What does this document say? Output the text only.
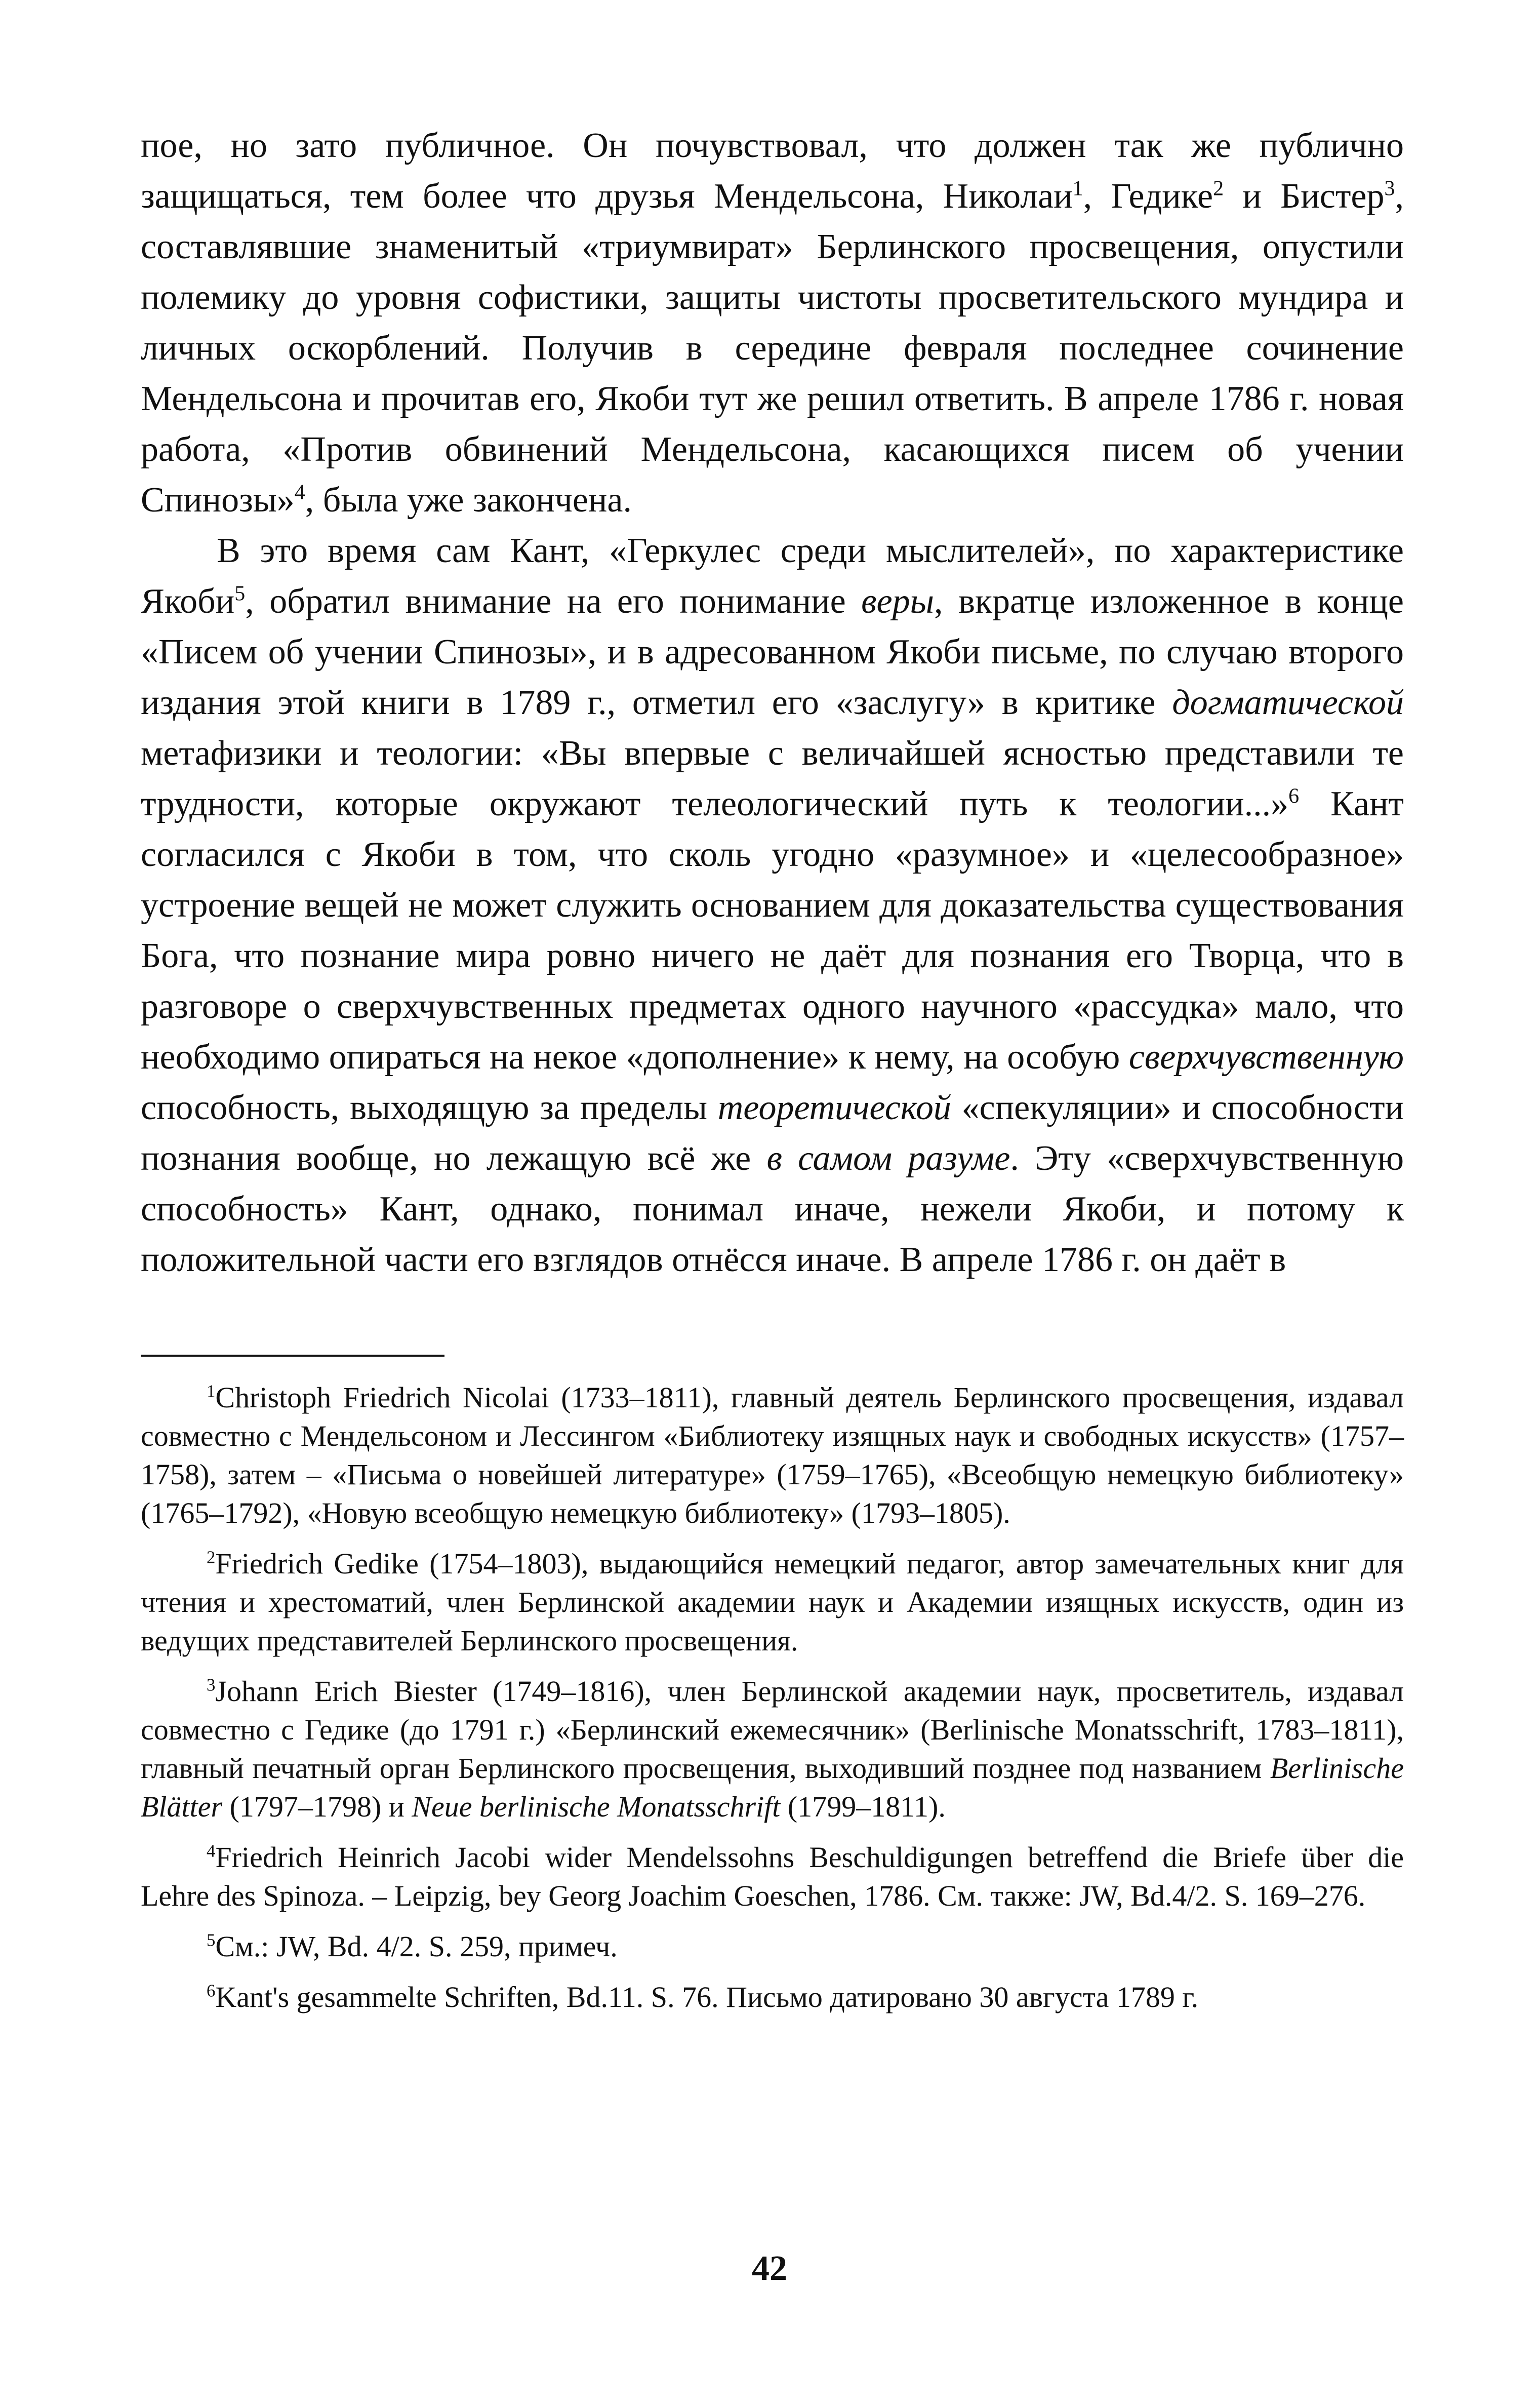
пое, но зато публичное. Он почувствовал, что должен так же публично защищаться, тем более что друзья Мендельсона, Николаи$^1$, Гедике$^2$ и Бистер$^3$, составлявшие знаменитый «триумвират» Берлинского просвещения, опустили полемику до уровня софистики, защиты чистоты просветительского мундира и личных оскорблений. Получив в середине февраля последнее сочинение Мендельсона и прочитав его, Якоби тут же решил ответить. В апреле 1786 г. новая работа, «Против обвинений Мендельсона, касающихся писем об учении Спинозы»$^4$, была уже закончена.

В это время сам Кант, «Геркулес среди мыслителей», по характеристике Якоби$^5$, обратил внимание на его понимание веры, вкратце изложенное в конце «Писем об учении Спинозы», и в адресованном Якоби письме, по случаю второго издания этой книги в 1789 г., отметил его «заслугу» в критике догматической метафизики и теологии: «Вы впервые с величайшей ясностью представили те трудности, которые окружают телеологический путь к теологии...»$^6$ Кант согласился с Якоби в том, что сколь угодно «разумное» и «целесообразное» устроение вещей не может служить основанием для доказательства существования Бога, что познание мира ровно ничего не даёт для познания его Творца, что в разговоре о сверхчувственных предметах одного научного «рассудка» мало, что необходимо опираться на некое «дополнение» к нему, на особую сверхчувственную способность, выходящую за пределы теоретической «спекуляции» и способности познания вообще, но лежащую всё же в самом разуме. Эту «сверхчувственную способность» Кант, однако, понимал иначе, нежели Якоби, и потому к положительной части его взглядов отнёсся иначе. В апреле 1786 г. он даёт в

$^1$Christoph Friedrich Nicolai (1733–1811), главный деятель Берлинского просвещения, издавал совместно с Мендельсоном и Лессингом «Библиотеку изящных наук и свободных искусств» (1757–1758), затем – «Письма о новейшей литературе» (1759–1765), «Всеобщую немецкую библиотеку» (1765–1792), «Новую всеобщую немецкую библиотеку» (1793–1805).

$^2$Friedrich Gedike (1754–1803), выдающийся немецкий педагог, автор замечательных книг для чтения и хрестоматий, член Берлинской академии наук и Академии изящных искусств, один из ведущих представителей Берлинского просвещения.

$^3$Johann Erich Biester (1749–1816), член Берлинской академии наук, просветитель, издавал совместно с Гедике (до 1791 г.) «Берлинский ежемесячник» (Berlinische Monatsschrift, 1783–1811), главный печатный орган Берлинского просвещения, выходивший позднее под названием Berlinische Blätter (1797–1798) и Neue berlinische Monatsschrift (1799–1811).

$^4$Friedrich Heinrich Jacobi wider Mendelssohns Beschuldigungen betreffend die Briefe über die Lehre des Spinoza. – Leipzig, bey Georg Joachim Goeschen, 1786. См. также: JW, Bd.4/2. S. 169–276.

$^5$См.: JW, Bd. 4/2. S. 259, примеч.

$^6$Kant's gesammelte Schriften, Bd.11. S. 76. Письмо датировано 30 августа 1789 г.

42
